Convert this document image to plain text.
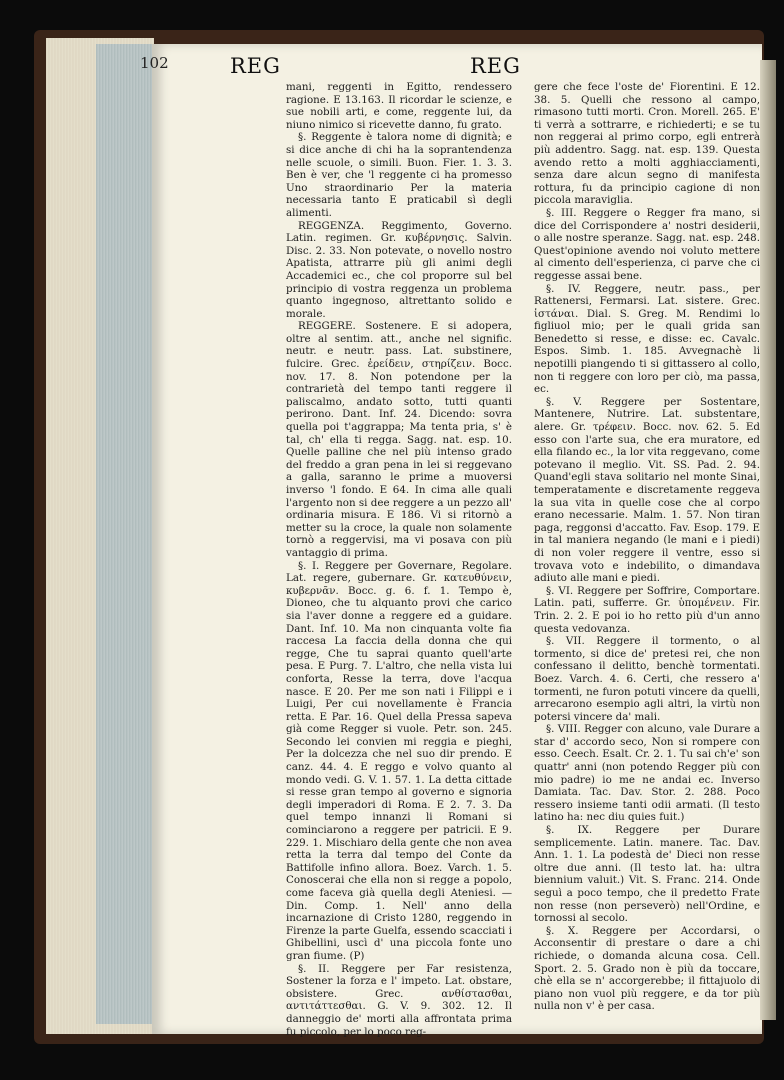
102	REG	REG

mani, reggenti in Egitto, rendessero ragione. E 13.163. Il ricordar le scienze, e sue nobili arti, e come, reggente lui, da niuno nimico si ricevette danno, fu grato.

§. Reggente è talora nome di dignità; e si dice anche di chi ha la soprantendenza nelle scuole, o simili. Buon. Fier. 1. 3. 3. Ben è ver, che 'l reggente ci ha promesso Uno straordinario Per la materia necessaria tanto E praticabil sì degli alimenti.

REGGENZA. Reggimento, Governo. Latin. regimen. Gr. κυβέρνησις. Salvin. Disc. 2. 33. Non potevate, o novello nostro Apatista, attrarre più gli animi degli Accademici ec., che col proporre sul bel principio di vostra reggenza un problema quanto ingegnoso, altrettanto solido e morale.

REGGERE. Sostenere. E si adopera, oltre al sentim. att., anche nel signific. neutr. e neutr. pass. Lat. substinere, fulcire. Grec. ἐρείδειν, στηρίζειν. Bocc. nov. 17. 8. Non potendone per la contrarietà del tempo tanti reggere il paliscalmo, andato sotto, tutti quanti perirono. Dant. Inf. 24. Dicendo: sovra quella poi t'aggrappa; Ma tenta pria, s' è tal, ch' ella ti regga. Sagg. nat. esp. 10. Quelle palline che nel più intenso grado del freddo a gran pena in lei si reggevano a galla, saranno le prime a muoversi inverso 'l fondo. E 64. In cima alle quali l'argento non si dee reggere a un pezzo all' ordinaria misura. E 186. Vi si ritornò a metter su la croce, la quale non solamente tornò a reggervisi, ma vi posava con più vantaggio di prima.

§. I. Reggere per Governare, Regolare. Lat. regere, gubernare. Gr. κατευθύνειν, κυβερνᾶν. Bocc. g. 6. f. 1. Tempo è, Dioneo, che tu alquanto provi che carico sia l'aver donne a reggere ed a guidare. Dant. Inf. 10. Ma non cinquanta volte fia raccesa La faccia della donna che qui regge, Che tu saprai quanto quell'arte pesa. E Purg. 7. L'altro, che nella vista lui conforta, Resse la terra, dove l'acqua nasce. E 20. Per me son nati i Filippi e i Luigi, Per cui novellamente è Francia retta. E Par. 16. Quel della Pressa sapeva già come Regger si vuole. Petr. son. 245. Secondo lei convien mi reggia e pieghi, Per la dolcezza che nel suo dir prendo. E canz. 44. 4. E reggo e volvo quanto al mondo vedi. G. V. 1. 57. 1. La detta cittade si resse gran tempo al governo e signoria degli imperadori di Roma. E 2. 7. 3. Da quel tempo innanzi li Romani si cominciarono a reggere per patricii. E 9. 229. 1. Mischiaro della gente che non avea retta la terra dal tempo del Conte da Battifolle infino allora. Boez. Varch. 1. 5. Conoscerai che ella non si regge a popolo, come faceva già quella degli Ateniesi. — Din. Comp. 1. Nell' anno della incarnazione di Cristo 1280, reggendo in Firenze la parte Guelfa, essendo scacciati i Ghibellini, uscì d' una piccola fonte uno gran fiume. (P)

§. II. Reggere per Far resistenza, Sostener la forza e l' impeto. Lat. obstare, obsistere. Grec. ανθίστασθαι, αντιτάττεσθαι. G. V. 9. 302. 12. Il danneggio de' morti alla affrontata prima fu piccolo, per lo poco reg-

gere che fece l'oste de' Fiorentini. E 12. 38. 5. Quelli che ressono al campo, rimasono tutti morti. Cron. Morell. 265. E' ti verrà a sottrarre, e richiederti; e se tu non reggerai al primo corpo, egli entrerà più addentro. Sagg. nat. esp. 139. Questa avendo retto a molti agghiacciamenti, senza dare alcun segno di manifesta rottura, fu da principio cagione di non piccola maraviglia.

§. III. Reggere o Regger fra mano, si dice del Corrispondere a' nostri desiderii, o alle nostre speranze. Sagg. nat. esp. 248. Quest'opinione avendo noi voluto mettere al cimento dell'esperienza, ci parve che ci reggesse assai bene.

§. IV. Reggere, neutr. pass., per Rattenersi, Fermarsi. Lat. sistere. Grec. ἱστάναι. Dial. S. Greg. M. Rendimi lo figliuol mio; per le quali grida san Benedetto si resse, e disse: ec. Cavalc. Espos. Simb. 1. 185. Avvegnachè li nepotilli piangendo ti si gittassero al collo, non ti reggere con loro per ciò, ma passa, ec.

§. V. Reggere per Sostentare, Mantenere, Nutrire. Lat. substentare, alere. Gr. τρέφειν. Bocc. nov. 62. 5. Ed esso con l'arte sua, che era muratore, ed ella filando ec., la lor vita reggevano, come potevano il meglio. Vit. SS. Pad. 2. 94. Quand'egli stava solitario nel monte Sinai, temperatamente e discretamente reggeva la sua vita in quelle cose che al corpo erano necessarie. Malm. 1. 57. Non tiran paga, reggonsi d'accatto. Fav. Esop. 179. E in tal maniera negando (le mani e i piedi) di non voler reggere il ventre, esso si trovava voto e indebilito, o dimandava adiuto alle mani e piedi.

§. VI. Reggere per Soffrire, Comportare. Latin. pati, sufferre. Gr. ὑπομένειν. Fir. Trin. 2. 2. E poi io ho retto più d'un anno questa vedovanza.

§. VII. Reggere il tormento, o al tormento, si dice de' pretesi rei, che non confessano il delitto, benchè tormentati. Boez. Varch. 4. 6. Certi, che ressero a' tormenti, ne furon potuti vincere da quelli, arrecarono esempio agli altri, la virtù non potersi vincere da' mali.

§. VIII. Regger con alcuno, vale Durare a star d' accordo seco, Non si rompere con esso. Ceech. Esalt. Cr. 2. 1. Tu sai ch'e' son quattr' anni (non potendo Regger più con mio padre) io me ne andai ec. Inverso Damiata. Tac. Dav. Stor. 2. 288. Poco ressero insieme tanti odii armati. (Il testo latino ha: nec diu quies fuit.)

§. IX. Reggere per Durare semplicemente. Latin. manere. Tac. Dav. Ann. 1. 1. La podestà de' Dieci non resse oltre due anni. (Il testo lat. ha: ultra biennium valuit.) Vit. S. Franc. 214. Onde seguì a poco tempo, che il predetto Frate non resse (non perseverò) nell'Ordine, e tornossi al secolo.

§. X. Reggere per Accordarsi, o Acconsentir di prestare o dare a chi richiede, o domanda alcuna cosa. Cell. Sport. 2. 5. Grado non è più da toccare, chè ella se n' accorgerebbe; il fittajuolo di piano non vuol più reggere, e da tor più nulla non v' è per casa.
